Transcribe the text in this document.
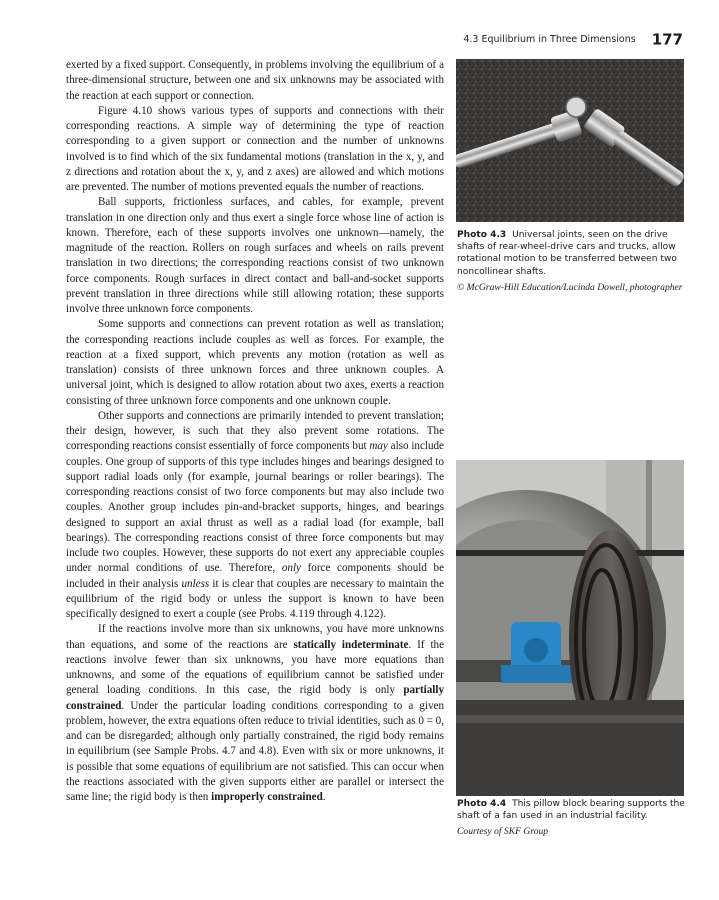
4.3 Equilibrium in Three Dimensions 177

exerted by a fixed support. Consequently, in problems involving the equilibrium of a three-dimensional structure, between one and six unknowns may be associated with the reaction at each support or connection.

Figure 4.10 shows various types of supports and connections with their corresponding reactions. A simple way of determining the type of reaction corresponding to a given support or connection and the number of unknowns involved is to find which of the six fundamental motions (translation in the x, y, and z directions and rotation about the x, y, and z axes) are allowed and which motions are prevented. The number of motions prevented equals the number of reactions.

Ball supports, frictionless surfaces, and cables, for example, prevent translation in one direction only and thus exert a single force whose line of action is known. Therefore, each of these supports involves one unknown—namely, the magnitude of the reaction. Rollers on rough surfaces and wheels on rails prevent translation in two directions; the corresponding reactions consist of two unknown force components. Rough surfaces in direct contact and ball-and-socket supports prevent translation in three directions while still allowing rotation; these supports involve three unknown force components.

Some supports and connections can prevent rotation as well as translation; the corresponding reactions include couples as well as forces. For example, the reaction at a fixed support, which prevents any motion (rotation as well as translation) consists of three unknown forces and three unknown couples. A universal joint, which is designed to allow rotation about two axes, exerts a reaction consisting of three unknown force components and one unknown couple.

Other supports and connections are primarily intended to prevent translation; their design, however, is such that they also prevent some rotations. The corresponding reactions consist essentially of force components but may also include couples. One group of supports of this type includes hinges and bearings designed to support radial loads only (for example, journal bearings or roller bearings). The corresponding reactions consist of two force components but may also include two couples. Another group includes pin-and-bracket supports, hinges, and bearings designed to support an axial thrust as well as a radial load (for example, ball bearings). The corresponding reactions consist of three force components but may include two couples. However, these supports do not exert any appreciable couples under normal conditions of use. Therefore, only force components should be included in their analysis unless it is clear that couples are necessary to maintain the equilibrium of the rigid body or unless the support is known to have been specifically designed to exert a couple (see Probs. 4.119 through 4.122).

If the reactions involve more than six unknowns, you have more unknowns than equations, and some of the reactions are statically indeterminate. If the reactions involve fewer than six unknowns, you have more equations than unknowns, and some of the equations of equilibrium cannot be satisfied under general loading conditions. In this case, the rigid body is only partially constrained. Under the particular loading conditions corresponding to a given problem, however, the extra equations often reduce to trivial identities, such as 0 = 0, and can be disregarded; although only partially constrained, the rigid body remains in equilibrium (see Sample Probs. 4.7 and 4.8). Even with six or more unknowns, it is possible that some equations of equilibrium are not satisfied. This can occur when the reactions associated with the given supports either are parallel or intersect the same line; the rigid body is then improperly constrained.

Photo 4.3 Universal joints, seen on the drive shafts of rear-wheel-drive cars and trucks, allow rotational motion to be transferred between two noncollinear shafts.
© McGraw-Hill Education/Lucinda Dowell, photographer
Photo 4.4 This pillow block bearing supports the shaft of a fan used in an industrial facility.
Courtesy of SKF Group
